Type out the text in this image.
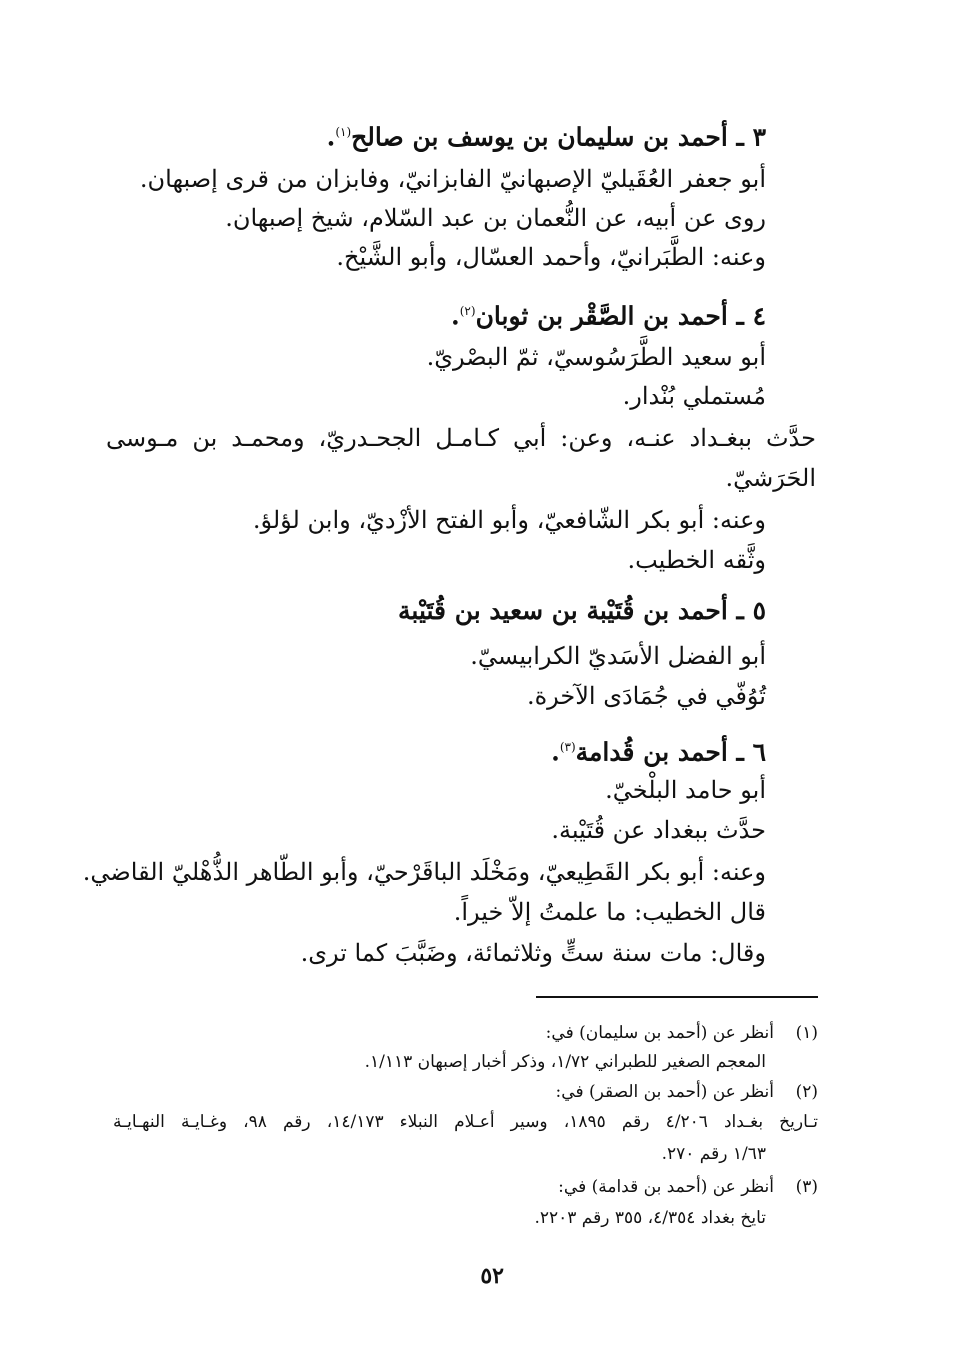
٣ ـ أحمد بن سليمان بن يوسف بن صالح$^{(١)}$.
أبو جعفر العُقَيليّ الإصبهانيّ الفابزانيّ، وفابزان من قرى إصبهان.
روى عن أبيه، عن النُّعمان بن عبد السّلام، شيخ إصبهان.
وعنه: الطَّبَرانيّ، وأحمد العسّال، وأبو الشَّيْخ.
٤ ـ أحمد بن الصَّقْر بن ثوبان$^{(٢)}$.
أبو سعيد الطَّرَسُوسيّ، ثمّ البصْريّ.
مُستملي بُنْدار.
حدَّث ببغـداد عنـه، وعن: أبي كـامـل الجحـدريّ، ومحمـد بن مـوسى
الحَرَشيّ.
وعنه: أبو بكر الشّافعيّ، وأبو الفتح الأزْديّ، وابن لؤلؤ.
وثَّقه الخطيب.
٥ ـ أحمد بن قُتَيْبة بن سعيد بن قُتَيْبة
أبو الفضل الأسَديّ الكرابيسيّ.
تُوُفّي في جُمَادَى الآخرة.
٦ ـ أحمد بن قُدامة$^{(٣)}$.
أبو حامد البلْخيّ.
حدَّث ببغداد عن قُتَيْبة.
وعنه: أبو بكر القَطِيعيّ، ومَخْلَد الباقَرْحيّ، وأبو الطّاهر الذُّهْليّ القاضي.
قال الخطيب: ما علمتُ إلاّ خيراً.
وقال: مات سنة ستٍّ وثلاثمائة، وضَبَّبَ كما ترى.
(١)
أنظر عن (أحمد بن سليمان) في:
المعجم الصغير للطبراني ١/٧٢، وذكر أخبار إصبهان ١/١١٣.
(٢)
أنظر عن (أحمد بن الصقر) في:
تـاريخ بغـداد ٤/٢٠٦ رقم ١٨٩٥، وسير أعـلام النبلاء ١٤/١٧٣، رقم ٩٨، وغـايـة النهـايـة
١/٦٣ رقم ٢٧٠.
(٣)
أنظر عن (أحمد بن قدامة) في:
تايخ بغداد ٤/٣٥٤، ٣٥٥ رقم ٢٢٠٣.
٥٢
